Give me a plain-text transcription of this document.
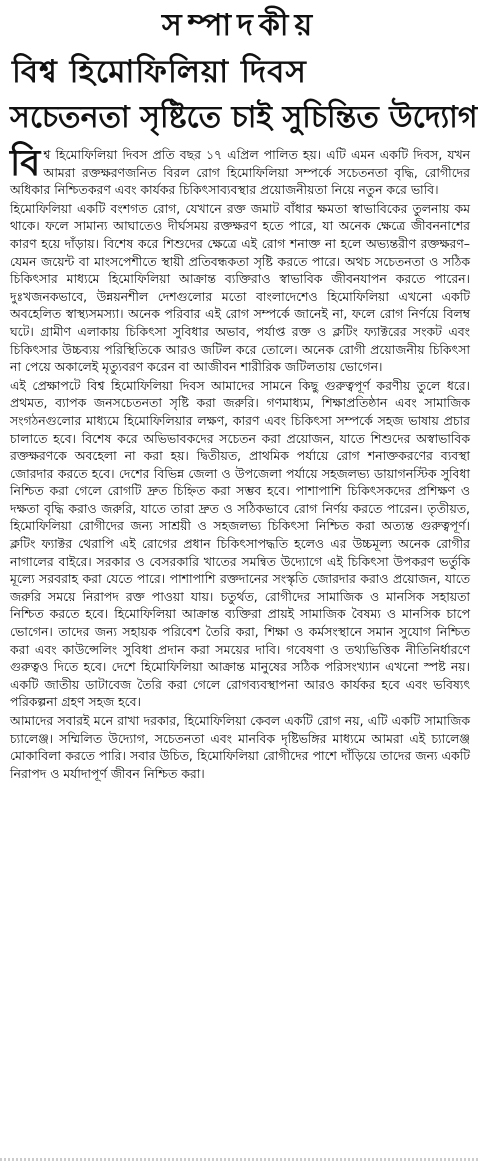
সম্পাদকীয়
বিশ্ব হিমোফিলিয়া দিবস
সচেতনতা সৃষ্টিতে চাই সুচিন্তিত উদ্যোগ

বিশ্ব হিমোফিলিয়া দিবস প্রতি বছর ১৭ এপ্রিল পালিত হয়। এটি এমন একটি দিবস, যখন আমরা রক্তক্ষরণজনিত বিরল রোগ হিমোফিলিয়া সম্পর্কে সচেতনতা বৃদ্ধি, রোগীদের অধিকার নিশ্চিতকরণ এবং কার্যকর চিকিৎসাব্যবস্থার প্রয়োজনীয়তা নিয়ে নতুন করে ভাবি।

হিমোফিলিয়া একটি বংশগত রোগ, যেখানে রক্ত জমাট বাঁধার ক্ষমতা স্বাভাবিকের তুলনায় কম থাকে। ফলে সামান্য আঘাতেও দীর্ঘসময় রক্তক্ষরণ হতে পারে, যা অনেক ক্ষেত্রে জীবননাশের কারণ হয়ে দাঁড়ায়। বিশেষ করে শিশুদের ক্ষেত্রে এই রোগ শনাক্ত না হলে অভ্যন্তরীণ রক্তক্ষরণ– যেমন জয়েন্ট বা মাংসপেশীতে স্থায়ী প্রতিবন্ধকতা সৃষ্টি করতে পারে। অথচ সচেতনতা ও সঠিক চিকিৎসার মাধ্যমে হিমোফিলিয়া আক্রান্ত ব্যক্তিরাও স্বাভাবিক জীবনযাপন করতে পারেন। দুঃখজনকভাবে, উন্নয়নশীল দেশগুলোর মতো বাংলাদেশেও হিমোফিলিয়া এখনো একটি অবহেলিত স্বাস্থ্যসমস্যা। অনেক পরিবার এই রোগ সম্পর্কে জানেই না, ফলে রোগ নির্ণয়ে বিলম্ব ঘটে। গ্রামীণ এলাকায় চিকিৎসা সুবিধার অভাব, পর্যাপ্ত রক্ত ও ক্লটিং ফ্যাক্টরের সংকট এবং চিকিৎসার উচ্চব্যয় পরিস্থিতিকে আরও জটিল করে তোলে। অনেক রোগী প্রয়োজনীয় চিকিৎসা না পেয়ে অকালেই মৃত্যুবরণ করেন বা আজীবন শারীরিক জটিলতায় ভোগেন।

এই প্রেক্ষাপটে বিশ্ব হিমোফিলিয়া দিবস আমাদের সামনে কিছু গুরুত্বপূর্ণ করণীয় তুলে ধরে। প্রথমত, ব্যাপক জনসচেতনতা সৃষ্টি করা জরুরি। গণমাধ্যম, শিক্ষাপ্রতিষ্ঠান এবং সামাজিক সংগঠনগুলোর মাধ্যমে হিমোফিলিয়ার লক্ষণ, কারণ এবং চিকিৎসা সম্পর্কে সহজ ভাষায় প্রচার চালাতে হবে। বিশেষ করে অভিভাবকদের সচেতন করা প্রয়োজন, যাতে শিশুদের অস্বাভাবিক রক্তক্ষরণকে অবহেলা না করা হয়। দ্বিতীয়ত, প্রাথমিক পর্যায়ে রোগ শনাক্তকরণের ব্যবস্থা জোরদার করতে হবে। দেশের বিভিন্ন জেলা ও উপজেলা পর্যায়ে সহজলভ্য ডায়াগনস্টিক সুবিধা নিশ্চিত করা গেলে রোগটি দ্রুত চিহ্নিত করা সম্ভব হবে। পাশাপাশি চিকিৎসকদের প্রশিক্ষণ ও দক্ষতা বৃদ্ধি করাও জরুরি, যাতে তারা দ্রুত ও সঠিকভাবে রোগ নির্ণয় করতে পারেন। তৃতীয়ত, হিমোফিলিয়া রোগীদের জন্য সাশ্রয়ী ও সহজলভ্য চিকিৎসা নিশ্চিত করা অত্যন্ত গুরুত্বপূর্ণ। ক্লটিং ফ্যাক্টর থেরাপি এই রোগের প্রধান চিকিৎসাপদ্ধতি হলেও এর উচ্চমূল্য অনেক রোগীর নাগালের বাইরে। সরকার ও বেসরকারি খাতের সমন্বিত উদ্যোগে এই চিকিৎসা উপকরণ ভর্তুকি মূল্যে সরবরাহ করা যেতে পারে। পাশাপাশি রক্তদানের সংস্কৃতি জোরদার করাও প্রয়োজন, যাতে জরুরি সময়ে নিরাপদ রক্ত পাওয়া যায়। চতুর্থত, রোগীদের সামাজিক ও মানসিক সহায়তা নিশ্চিত করতে হবে। হিমোফিলিয়া আক্রান্ত ব্যক্তিরা প্রায়ই সামাজিক বৈষম্য ও মানসিক চাপে ভোগেন। তাদের জন্য সহায়ক পরিবেশ তৈরি করা, শিক্ষা ও কর্মসংস্থানে সমান সুযোগ নিশ্চিত করা এবং কাউন্সেলিং সুবিধা প্রদান করা সময়ের দাবি। গবেষণা ও তথ্যভিত্তিক নীতিনির্ধারণে গুরুত্বও দিতে হবে। দেশে হিমোফিলিয়া আক্রান্ত মানুষের সঠিক পরিসংখ্যান এখনো স্পষ্ট নয়। একটি জাতীয় ডাটাবেজ তৈরি করা গেলে রোগব্যবস্থাপনা আরও কার্যকর হবে এবং ভবিষ্যৎ পরিকল্পনা গ্রহণ সহজ হবে।

আমাদের সবারই মনে রাখা দরকার, হিমোফিলিয়া কেবল একটি রোগ নয়, এটি একটি সামাজিক চ্যালেঞ্জ। সম্মিলিত উদ্যোগ, সচেতনতা এবং মানবিক দৃষ্টিভঙ্গির মাধ্যমে আমরা এই চ্যালেঞ্জ মোকাবিলা করতে পারি। সবার উচিত, হিমোফিলিয়া রোগীদের পাশে দাঁড়িয়ে তাদের জন্য একটি নিরাপদ ও মর্যাদাপূর্ণ জীবন নিশ্চিত করা।
